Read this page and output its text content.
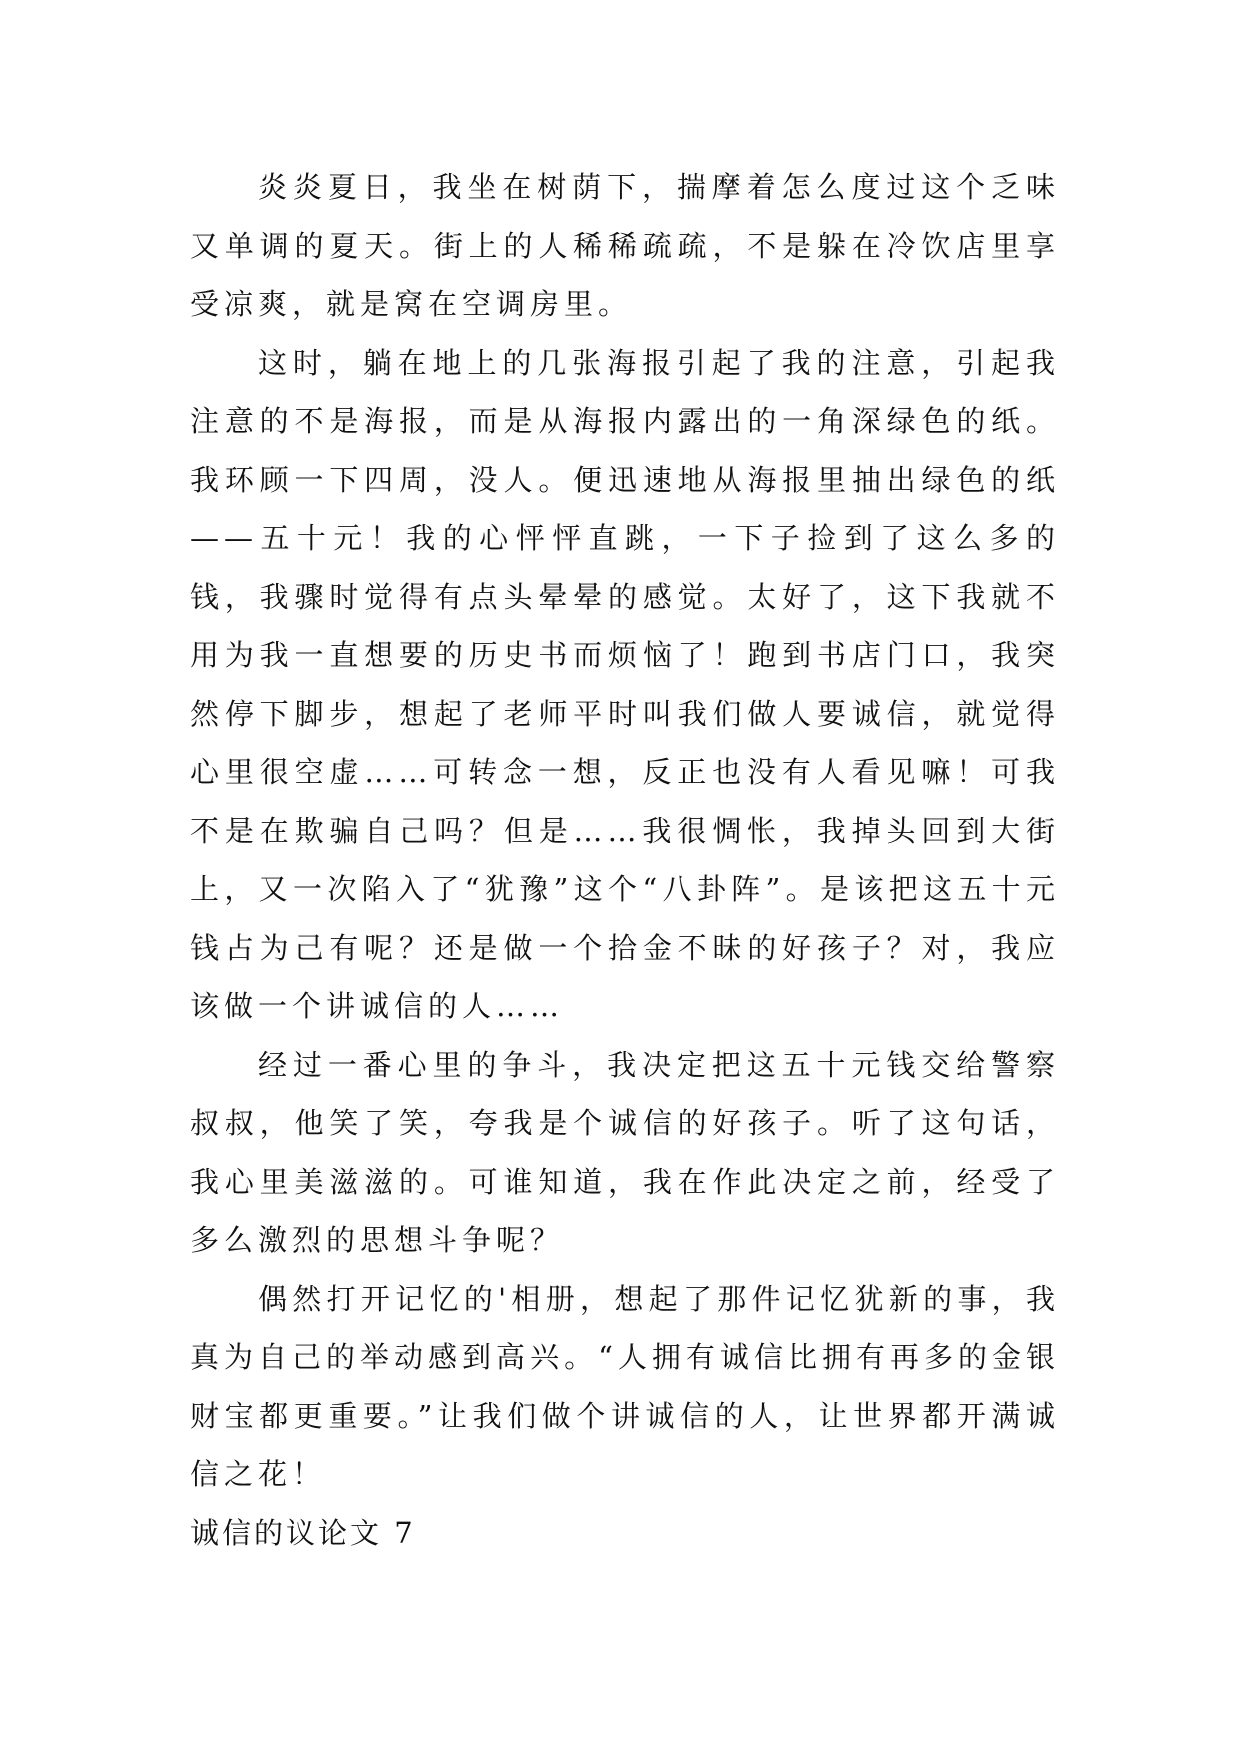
炎炎夏日，我坐在树荫下，揣摩着怎么度过这个乏味又单调的夏天。街上的人稀稀疏疏，不是躲在冷饮店里享受凉爽，就是窝在空调房里。

这时，躺在地上的几张海报引起了我的注意，引起我注意的不是海报，而是从海报内露出的一角深绿色的纸。我环顾一下四周，没人。便迅速地从海报里抽出绿色的纸——五十元！我的心怦怦直跳，一下子捡到了这么多的钱，我骤时觉得有点头晕晕的感觉。太好了，这下我就不用为我一直想要的历史书而烦恼了！跑到书店门口，我突然停下脚步，想起了老师平时叫我们做人要诚信，就觉得心里很空虚……可转念一想，反正也没有人看见嘛！可我不是在欺骗自己吗？但是……我很惆怅，我掉头回到大街上，又一次陷入了“犹豫”这个“八卦阵”。是该把这五十元钱占为己有呢？还是做一个拾金不昧的好孩子？对，我应该做一个讲诚信的人……

经过一番心里的争斗，我决定把这五十元钱交给警察叔叔，他笑了笑，夸我是个诚信的好孩子。听了这句话，我心里美滋滋的。可谁知道，我在作此决定之前，经受了多么激烈的思想斗争呢？

偶然打开记忆的'相册，想起了那件记忆犹新的事，我真为自己的举动感到高兴。“人拥有诚信比拥有再多的金银财宝都更重要。”让我们做个讲诚信的人，让世界都开满诚信之花！

诚信的议论文 7
